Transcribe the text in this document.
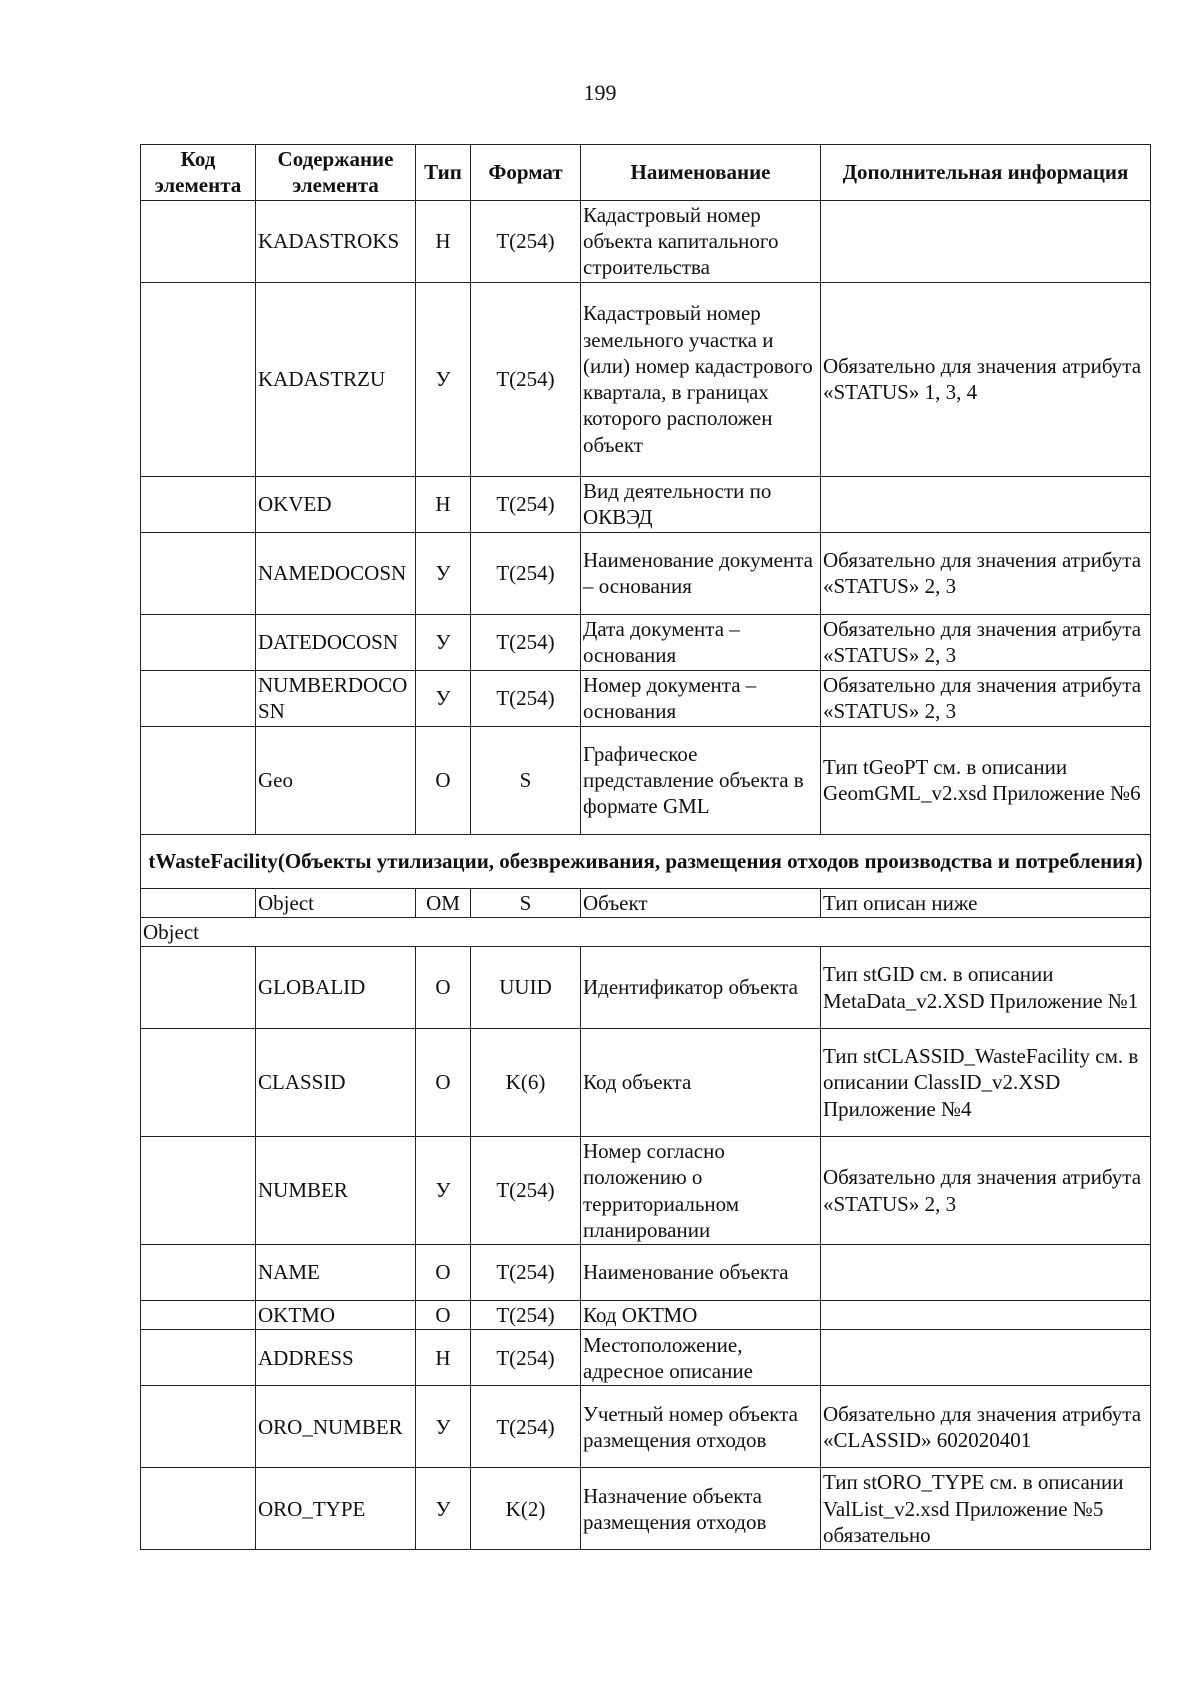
199
Код элемента	Содержание элемента	Тип	Формат	Наименование	Дополнительная информация
	KADASTROKS	Н	T(254)	Кадастровый номер объекта капитального строительства	
	KADASTRZU	У	T(254)	Кадастровый номер земельного участка и (или) номер кадастрового квартала, в границах которого расположен объект	Обязательно для значения атрибута «STATUS» 1, 3, 4
	OKVED	Н	T(254)	Вид деятельности по ОКВЭД	
	NAMEDOCOSN	У	T(254)	Наименование документа – основания	Обязательно для значения атрибута «STATUS» 2, 3
	DATEDOCOSN	У	T(254)	Дата документа – основания	Обязательно для значения атрибута «STATUS» 2, 3
	NUMBERDOCOSN	У	T(254)	Номер документа – основания	Обязательно для значения атрибута «STATUS» 2, 3
	Geo	O	S	Графическое представление объекта в формате GML	Тип tGeoPT см. в описании GeomGML_v2.xsd Приложение №6
tWasteFacility(Объекты утилизации, обезвреживания, размещения отходов производства и потребления)					
	Object	OM	S	Объект	Тип описан ниже
Object					
	GLOBALID	O	UUID	Идентификатор объекта	Тип stGID см. в описании MetaData_v2.XSD Приложение №1
	CLASSID	O	K(6)	Код объекта	Тип stCLASSID_WasteFacility см. в описании ClassID_v2.XSD Приложение №4
	NUMBER	У	T(254)	Номер согласно положению о территориальном планировании	Обязательно для значения атрибута «STATUS» 2, 3
	NAME	O	T(254)	Наименование объекта	
	OKTMO	O	T(254)	Код ОКТМО	
	ADDRESS	Н	T(254)	Местоположение, адресное описание	
	ORO_NUMBER	У	T(254)	Учетный номер объекта размещения отходов	Обязательно для значения атрибута «CLASSID» 602020401
	ORO_TYPE	У	K(2)	Назначение объекта размещения отходов	Тип stORO_TYPE см. в описании ValList_v2.xsd Приложение №5 обязательно
